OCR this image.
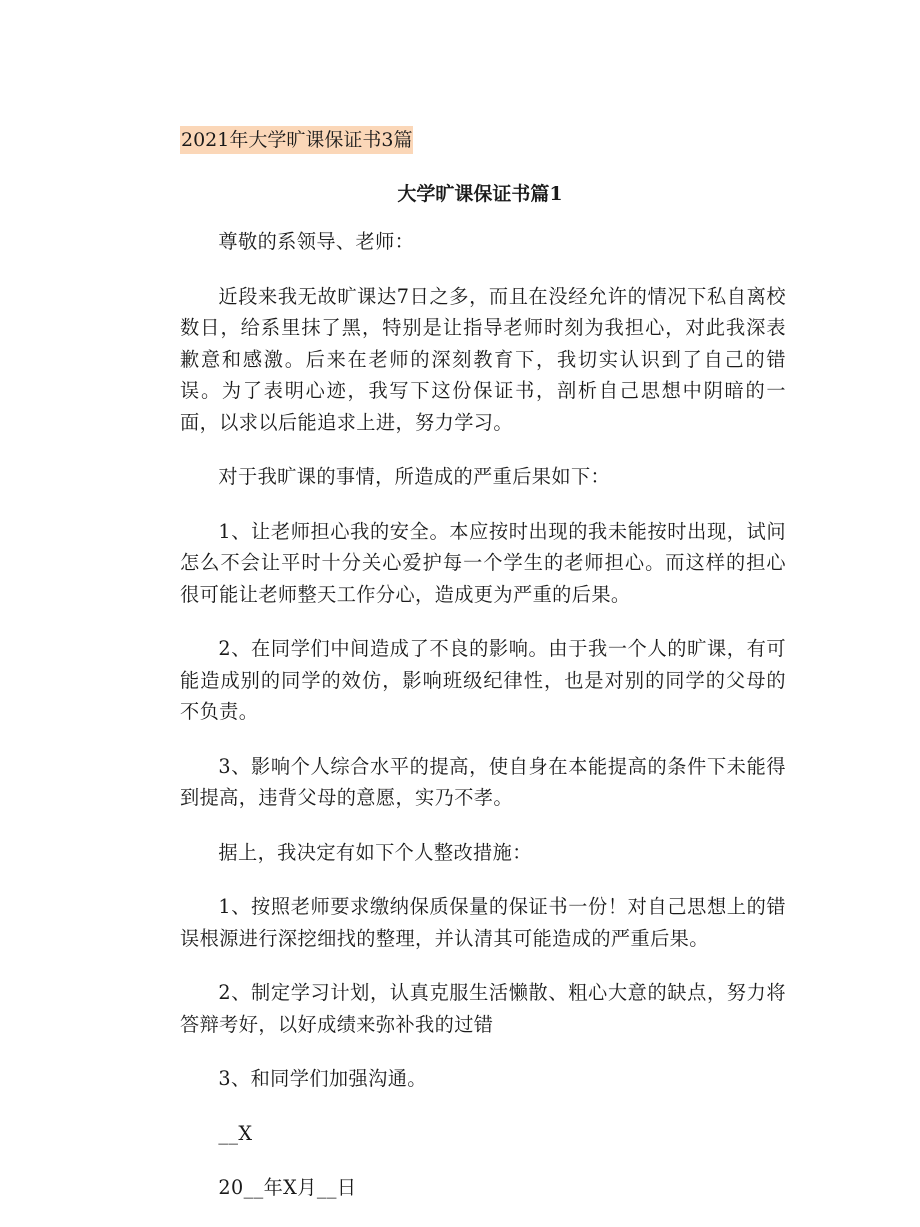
2021年大学旷课保证书3篇
大学旷课保证书篇1

尊敬的系领导、老师：

近段来我无故旷课达7日之多，而且在没经允许的情况下私自离校数日，给系里抹了黑，特别是让指导老师时刻为我担心，对此我深表歉意和感激。后来在老师的深刻教育下，我切实认识到了自己的错误。为了表明心迹，我写下这份保证书，剖析自己思想中阴暗的一面，以求以后能追求上进，努力学习。

对于我旷课的事情，所造成的严重后果如下：

1、让老师担心我的安全。本应按时出现的我未能按时出现，试问怎么不会让平时十分关心爱护每一个学生的老师担心。而这样的担心很可能让老师整天工作分心，造成更为严重的后果。

2、在同学们中间造成了不良的影响。由于我一个人的旷课，有可能造成别的同学的效仿，影响班级纪律性，也是对别的同学的父母的不负责。

3、影响个人综合水平的提高，使自身在本能提高的条件下未能得到提高，违背父母的意愿，实乃不孝。

据上，我决定有如下个人整改措施：

1、按照老师要求缴纳保质保量的保证书一份！对自己思想上的错误根源进行深挖细找的整理，并认清其可能造成的严重后果。

2、制定学习计划，认真克服生活懒散、粗心大意的缺点，努力将答辩考好，以好成绩来弥补我的过错

3、和同学们加强沟通。

__X

20__年X月__日
